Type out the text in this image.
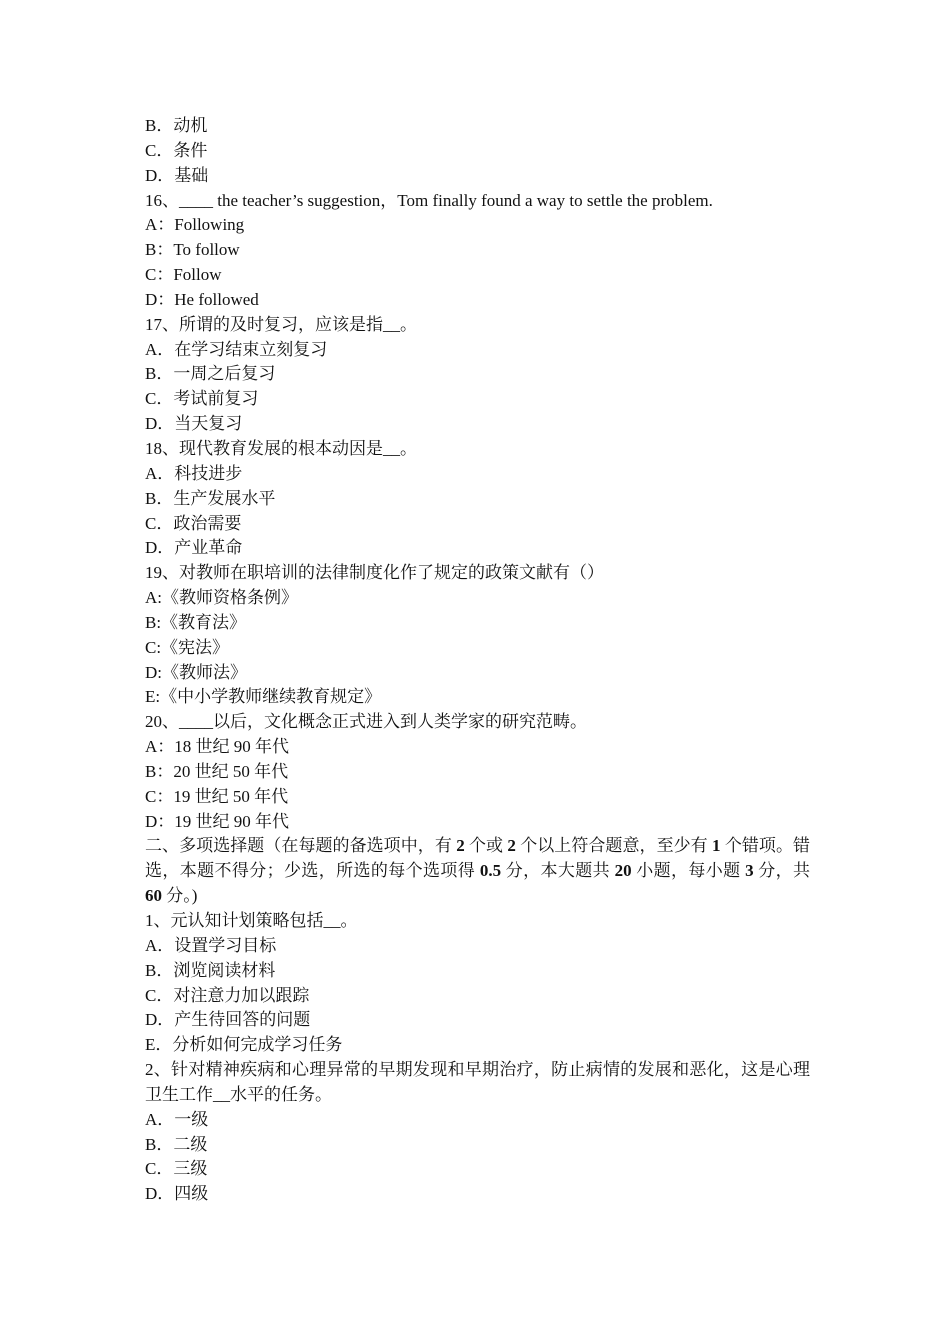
B．动机
C．条件
D．基础
16、____ the teacher’s suggestion，Tom finally found a way to settle the problem.
A：Following
B：To follow
C：Follow
D：He followed
17、所谓的及时复习，应该是指__。
A．在学习结束立刻复习
B．一周之后复习
C．考试前复习
D．当天复习
18、现代教育发展的根本动因是__。
A．科技进步
B．生产发展水平
C．政治需要
D．产业革命
19、对教师在职培训的法律制度化作了规定的政策文献有（）
A:《教师资格条例》
B:《教育法》
C:《宪法》
D:《教师法》
E:《中小学教师继续教育规定》
20、____以后，文化概念正式进入到人类学家的研究范畴。
A：18 世纪 90 年代
B：20 世纪 50 年代
C：19 世纪 50 年代
D：19 世纪 90 年代
二、多项选择题（在每题的备选项中，有 2 个或 2 个以上符合题意，至少有 1 个错项。错选，本题不得分；少选，所选的每个选项得 0.5 分，本大题共 20 小题，每小题 3 分，共 60 分。)
1、元认知计划策略包括__。
A．设置学习目标
B．浏览阅读材料
C．对注意力加以跟踪
D．产生待回答的问题
E．分析如何完成学习任务
2、针对精神疾病和心理异常的早期发现和早期治疗，防止病情的发展和恶化，这是心理卫生工作__水平的任务。
A．一级
B．二级
C．三级
D．四级
